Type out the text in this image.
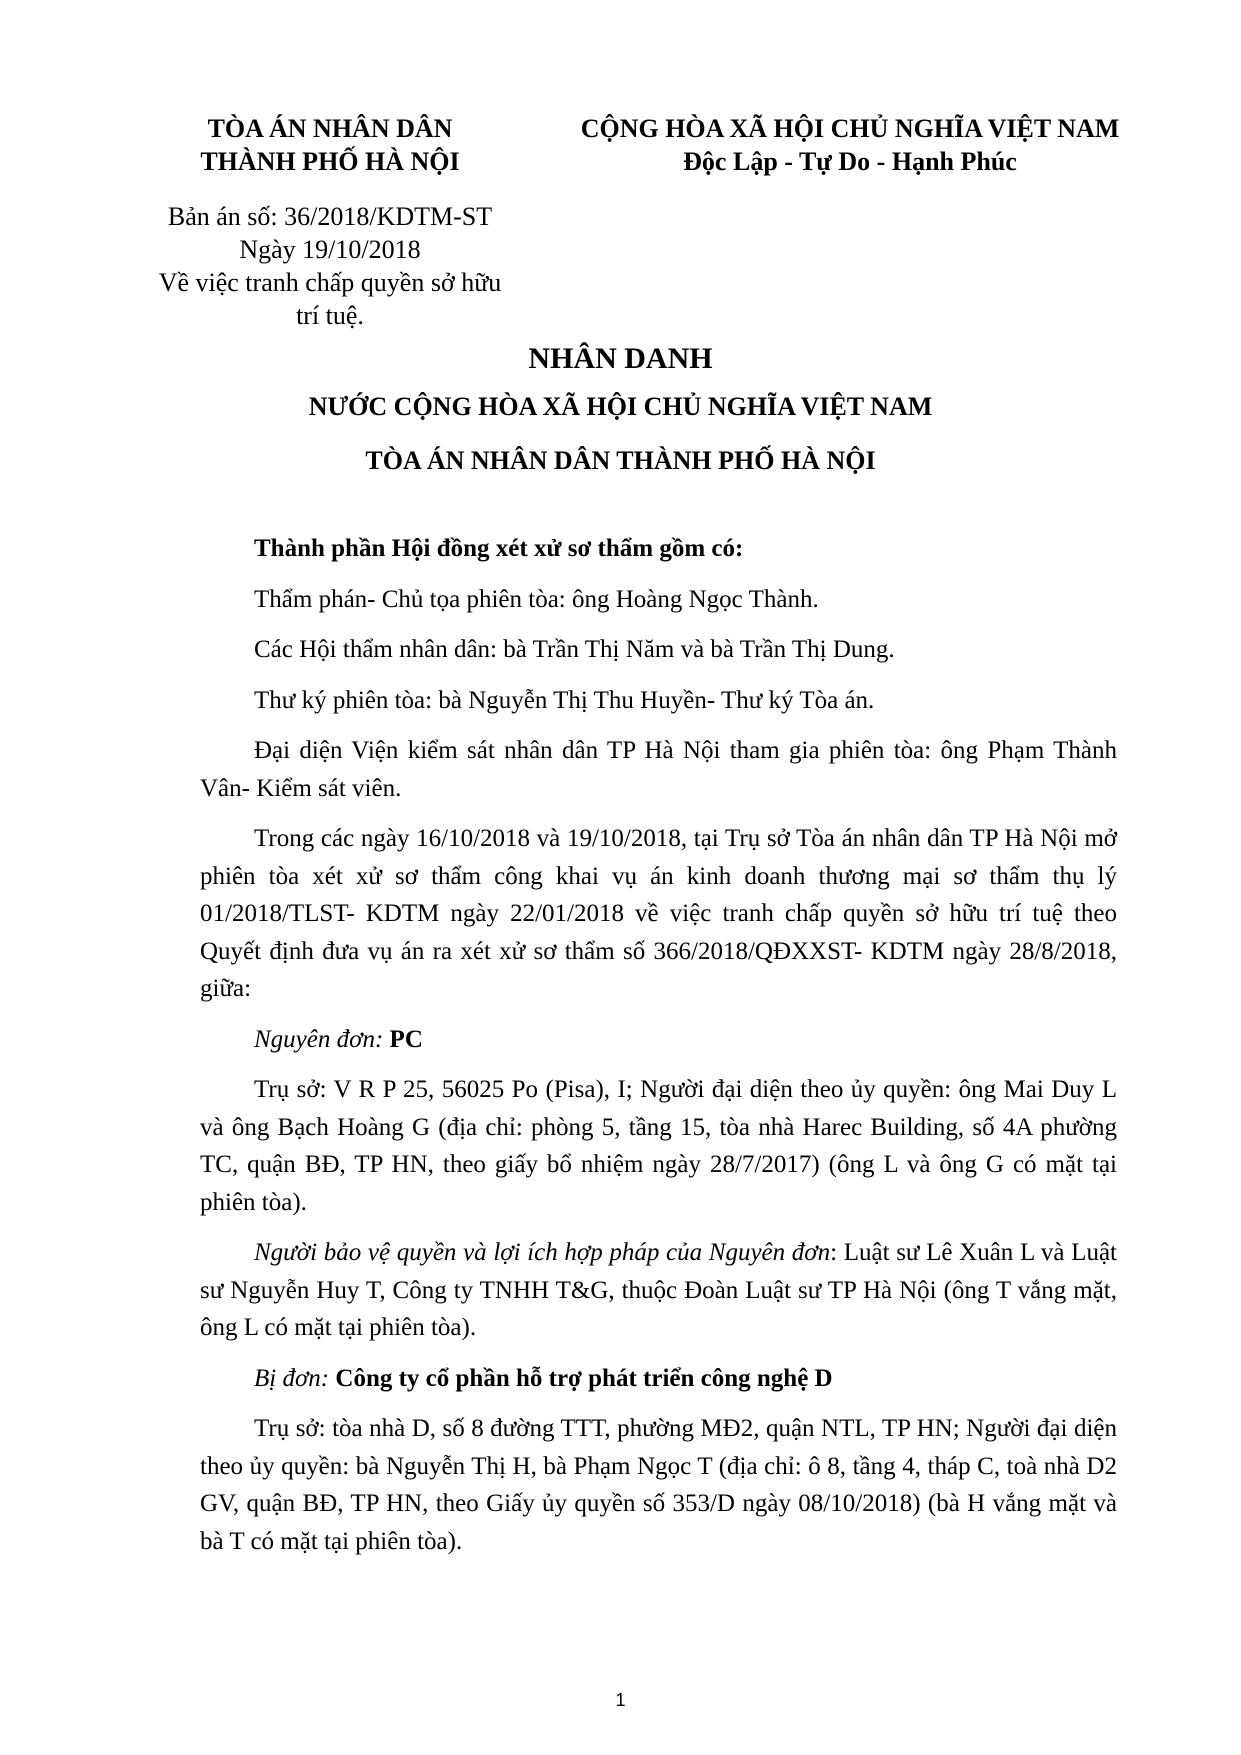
TÒA ÁN NHÂN DÂN
THÀNH PHỐ HÀ NỘI
CỘNG HÒA XÃ HỘI CHỦ NGHĨA VIỆT NAM
Độc Lập - Tự Do - Hạnh Phúc
Bản án số: 36/2018/KDTM-ST
Ngày 19/10/2018
Về việc tranh chấp quyền sở hữu
trí tuệ.
NHÂN DANH
NƯỚC CỘNG HÒA XÃ HỘI CHỦ NGHĨA VIỆT NAM
TÒA ÁN NHÂN DÂN THÀNH PHỐ HÀ NỘI

Thành phần Hội đồng xét xử sơ thẩm gồm có:

Thẩm phán- Chủ tọa phiên tòa: ông Hoàng Ngọc Thành.

Các Hội thẩm nhân dân: bà Trần Thị Năm và bà Trần Thị Dung.

Thư ký phiên tòa: bà Nguyễn Thị Thu Huyền- Thư ký Tòa án.

Đại diện Viện kiểm sát nhân dân TP Hà Nội tham gia phiên tòa: ông Phạm Thành Vân- Kiểm sát viên.

Trong các ngày 16/10/2018 và 19/10/2018, tại Trụ sở Tòa án nhân dân TP Hà Nội mở phiên tòa xét xử sơ thẩm công khai vụ án kinh doanh thương mại sơ thẩm thụ lý 01/2018/TLST- KDTM ngày 22/01/2018 về việc tranh chấp quyền sở hữu trí tuệ theo Quyết định đưa vụ án ra xét xử sơ thẩm số 366/2018/QĐXXST- KDTM ngày 28/8/2018, giữa:

Nguyên đơn: PC

Trụ sở: V R P 25, 56025 Po (Pisa), I; Người đại diện theo ủy quyền: ông Mai Duy L và ông Bạch Hoàng G (địa chỉ: phòng 5, tầng 15, tòa nhà Harec Building, số 4A phường TC, quận BĐ, TP HN, theo giấy bổ nhiệm ngày 28/7/2017) (ông L và ông G có mặt tại phiên tòa).

Người bảo vệ quyền và lợi ích hợp pháp của Nguyên đơn: Luật sư Lê Xuân L và Luật sư Nguyễn Huy T, Công ty TNHH T&G, thuộc Đoàn Luật sư TP Hà Nội (ông T vắng mặt, ông L có mặt tại phiên tòa).

Bị đơn: Công ty cổ phần hỗ trợ phát triển công nghệ D

Trụ sở: tòa nhà D, số 8 đường TTT, phường MĐ2, quận NTL, TP HN; Người đại diện theo ủy quyền: bà Nguyễn Thị H, bà Phạm Ngọc T (địa chỉ: ô 8, tầng 4, tháp C, toà nhà D2 GV, quận BĐ, TP HN, theo Giấy ủy quyền số 353/D ngày 08/10/2018) (bà H vắng mặt và bà T có mặt tại phiên tòa).

1
